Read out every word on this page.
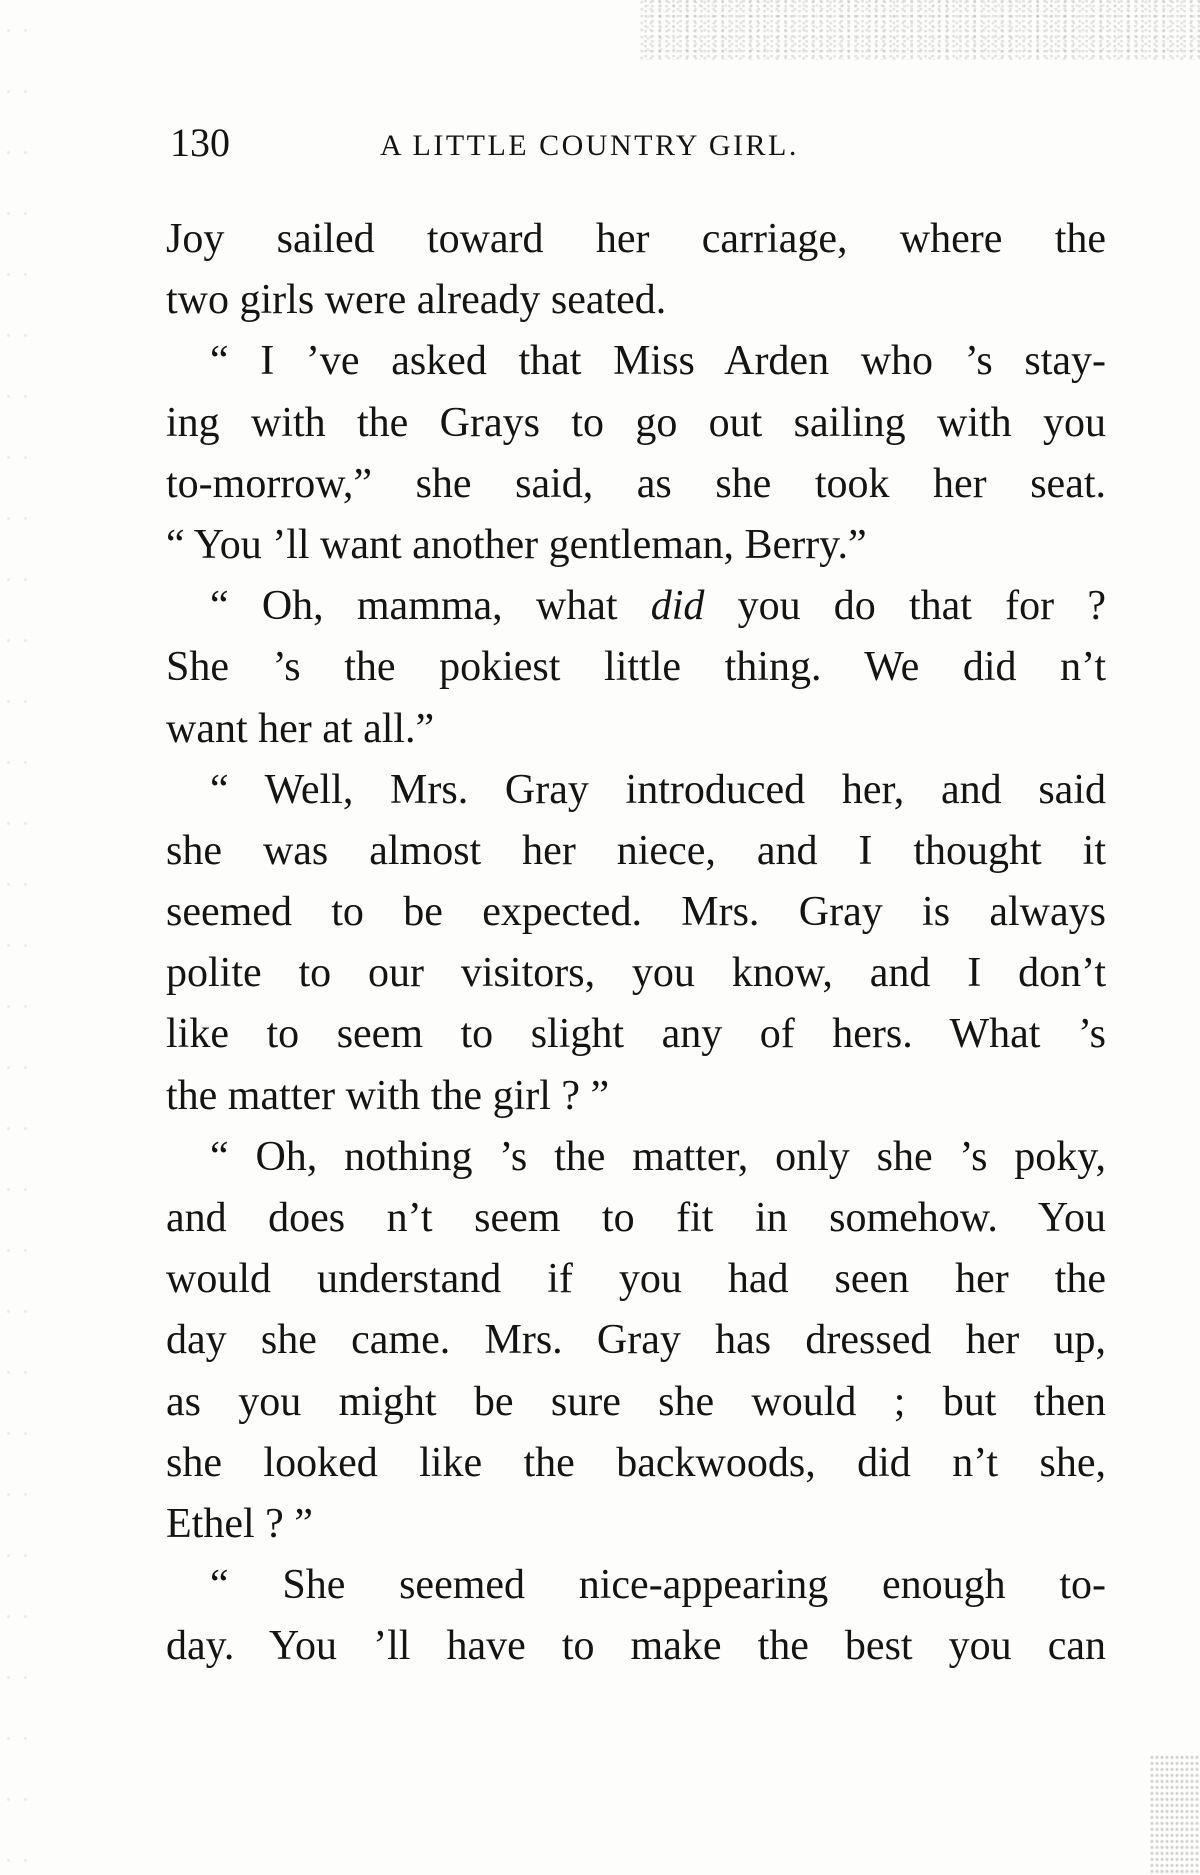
130	A LITTLE COUNTRY GIRL.
Joy sailed toward her carriage, where the
two girls were already seated.
“ I ’ve asked that Miss Arden who ’s stay-
ing with the Grays to go out sailing with you
to-morrow,” she said, as she took her seat.
“ You ’ll want another gentleman, Berry.”
“ Oh, mamma, what did you do that for ?
She ’s the pokiest little thing. We did n’t
want her at all.”
“ Well, Mrs. Gray introduced her, and said
she was almost her niece, and I thought it
seemed to be expected. Mrs. Gray is always
polite to our visitors, you know, and I don’t
like to seem to slight any of hers. What ’s
the matter with the girl ? ”
“ Oh, nothing ’s the matter, only she ’s poky,
and does n’t seem to fit in somehow. You
would understand if you had seen her the
day she came. Mrs. Gray has dressed her up,
as you might be sure she would ; but then
she looked like the backwoods, did n’t she,
Ethel ? ”
“ She seemed nice-appearing enough to-
day. You ’ll have to make the best you can
